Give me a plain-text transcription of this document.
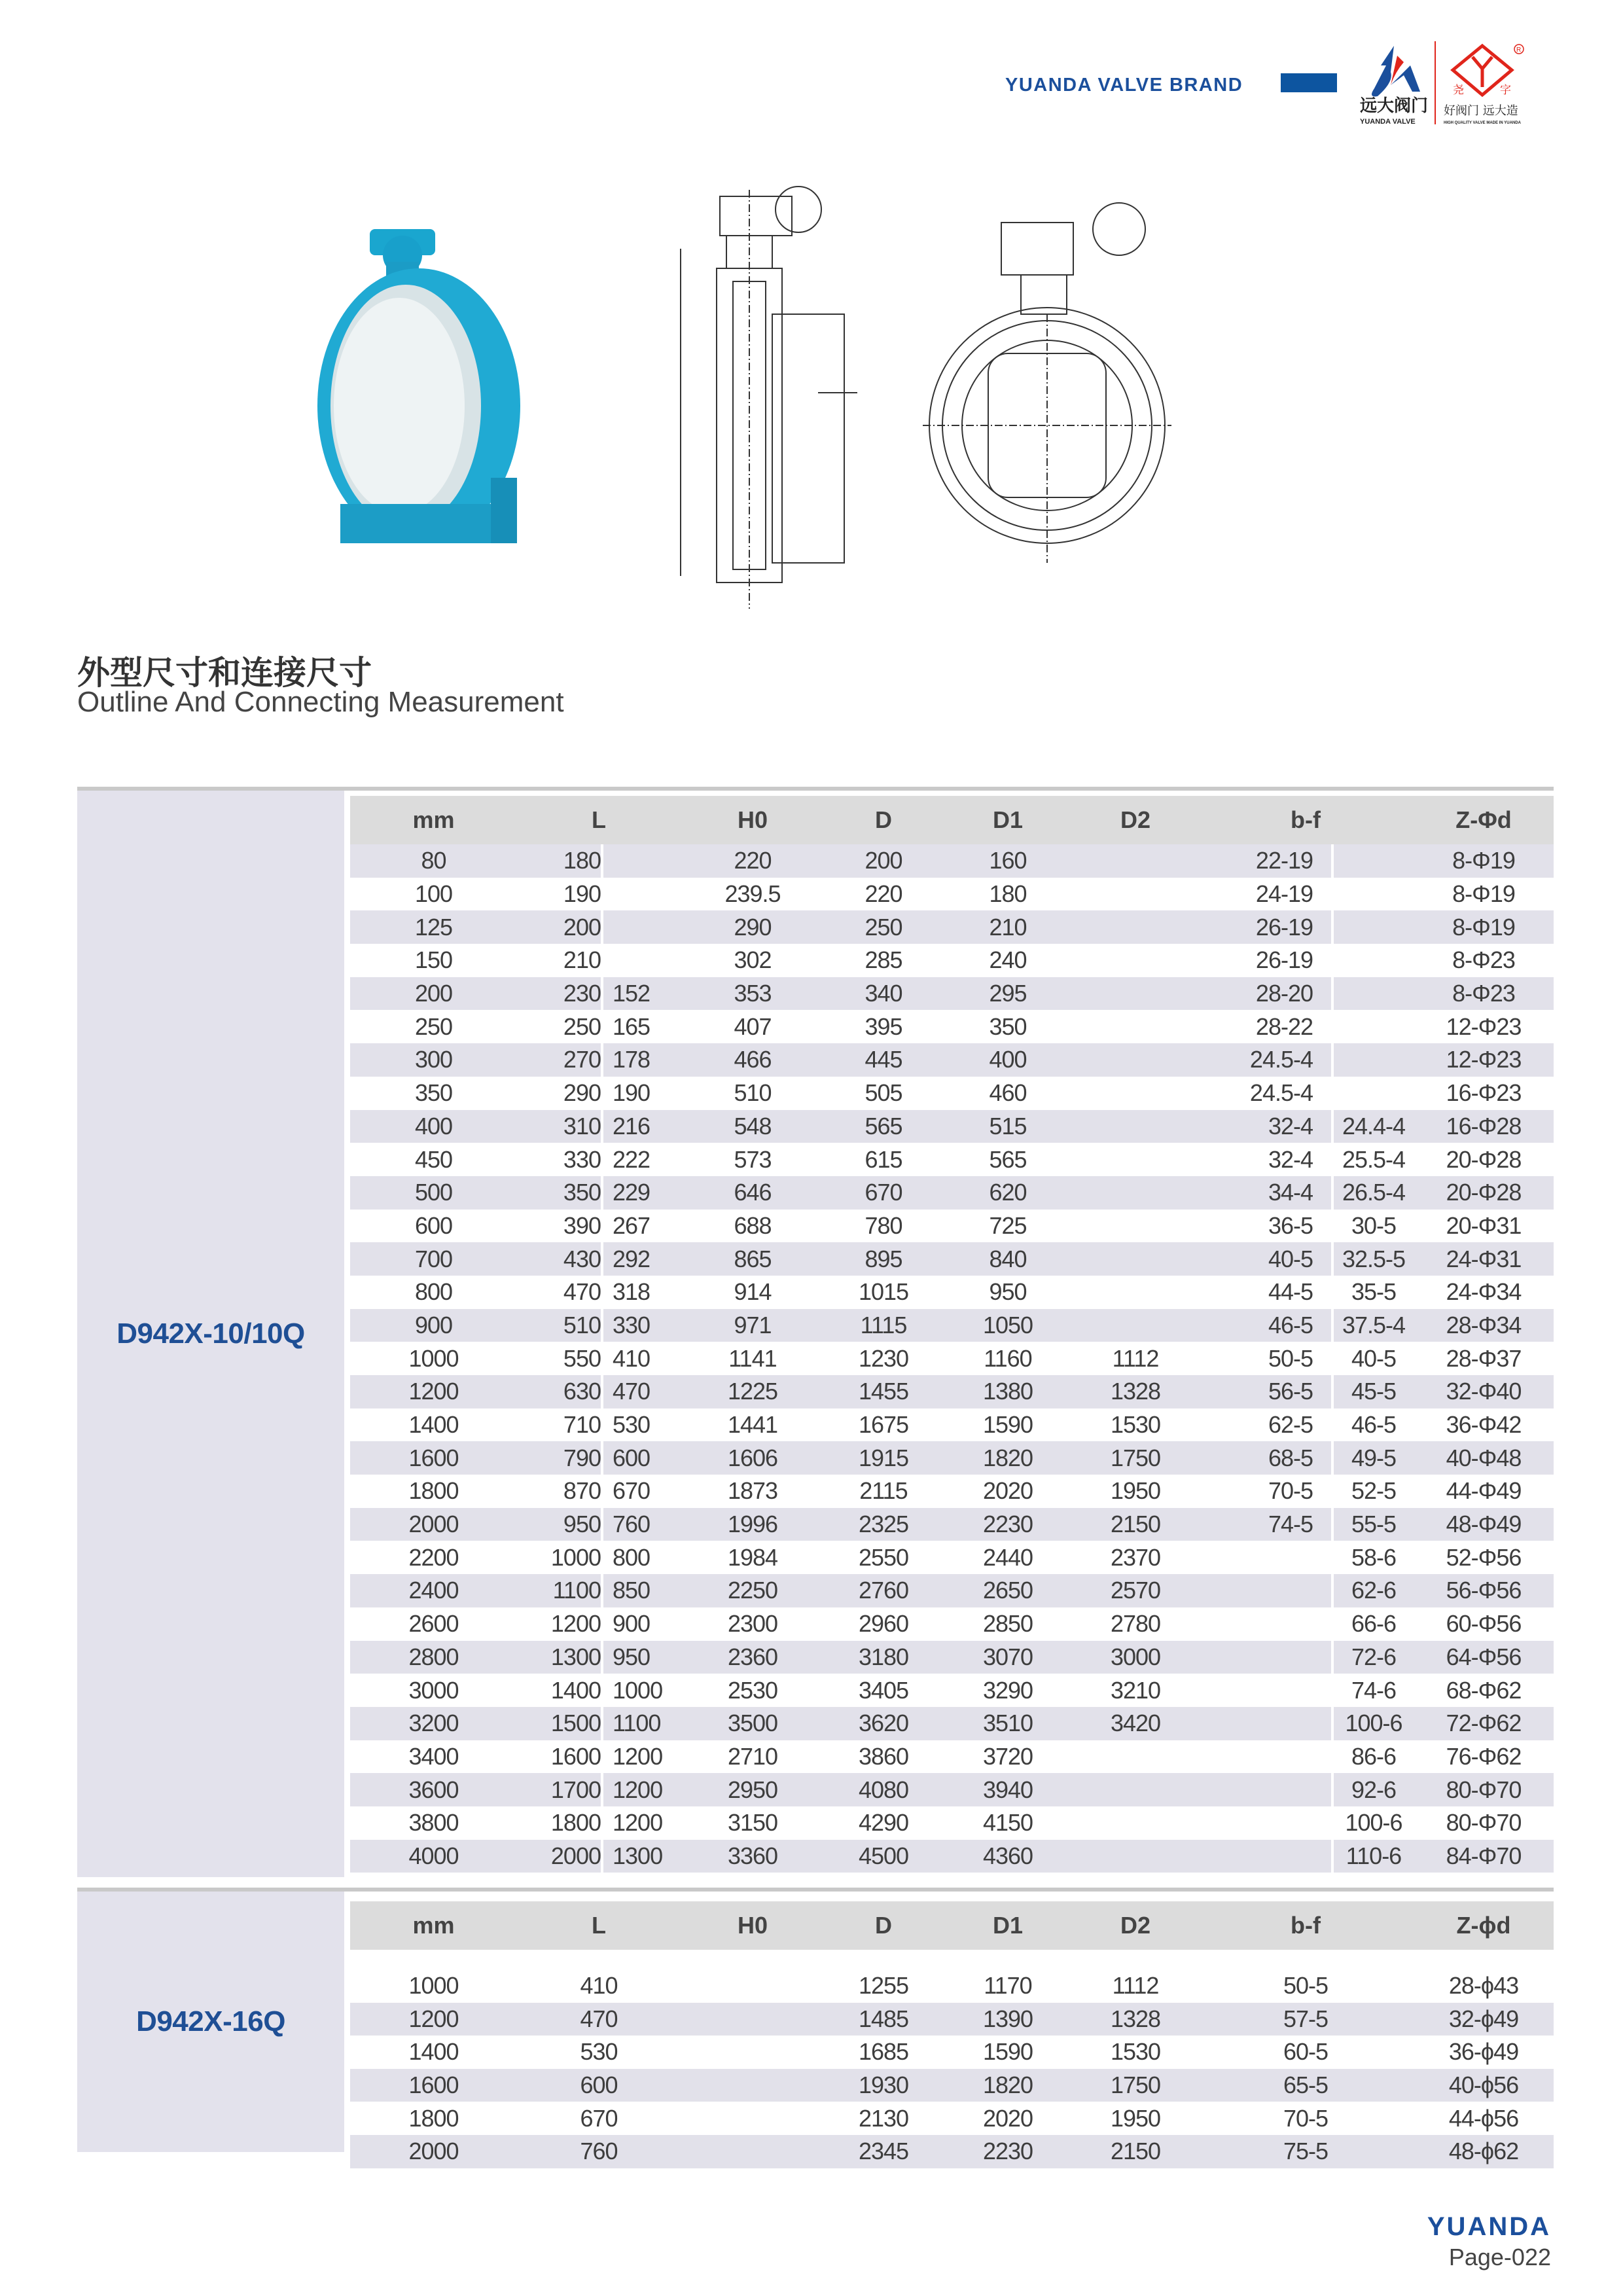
YUANDA VALVE BRAND
远大阀门
YUANDA VALVE
尧	字
R
好阀门 远大造
HIGH QUALITY VALVE MADE IN YUANDA
外型尺寸和连接尺寸
Outline And Connecting Measurement
D942X-10/10Q
mm	L		H0	D	D1	D2	b-f		Z-Φd
80	180		220	200	160		22-19		8-Φ19
100	190		239.5	220	180		24-19		8-Φ19
125	200		290	250	210		26-19		8-Φ19
150	210		302	285	240		26-19		8-Φ23
200	230	152	353	340	295		28-20		8-Φ23
250	250	165	407	395	350		28-22		12-Φ23
300	270	178	466	445	400		24.5-4		12-Φ23
350	290	190	510	505	460		24.5-4		16-Φ23
400	310	216	548	565	515		32-4	24.4-4	16-Φ28
450	330	222	573	615	565		32-4	25.5-4	20-Φ28
500	350	229	646	670	620		34-4	26.5-4	20-Φ28
600	390	267	688	780	725		36-5	30-5	20-Φ31
700	430	292	865	895	840		40-5	32.5-5	24-Φ31
800	470	318	914	1015	950		44-5	35-5	24-Φ34
900	510	330	971	1115	1050		46-5	37.5-4	28-Φ34
1000	550	410	1141	1230	1160	1112	50-5	40-5	28-Φ37
1200	630	470	1225	1455	1380	1328	56-5	45-5	32-Φ40
1400	710	530	1441	1675	1590	1530	62-5	46-5	36-Φ42
1600	790	600	1606	1915	1820	1750	68-5	49-5	40-Φ48
1800	870	670	1873	2115	2020	1950	70-5	52-5	44-Φ49
2000	950	760	1996	2325	2230	2150	74-5	55-5	48-Φ49
2200	1000	800	1984	2550	2440	2370		58-6	52-Φ56
2400	1100	850	2250	2760	2650	2570		62-6	56-Φ56
2600	1200	900	2300	2960	2850	2780		66-6	60-Φ56
2800	1300	950	2360	3180	3070	3000		72-6	64-Φ56
3000	1400	1000	2530	3405	3290	3210		74-6	68-Φ62
3200	1500	1100	3500	3620	3510	3420		100-6	72-Φ62
3400	1600	1200	2710	3860	3720			86-6	76-Φ62
3600	1700	1200	2950	4080	3940			92-6	80-Φ70
3800	1800	1200	3150	4290	4150			100-6	80-Φ70
4000	2000	1300	3360	4500	4360			110-6	84-Φ70
D942X-16Q
mm	L	H0	D	D1	D2	b-f	Z-ϕd

1000	410		1255	1170	1112	50-5	28-ϕ43
1200	470		1485	1390	1328	57-5	32-ϕ49
1400	530		1685	1590	1530	60-5	36-ϕ49
1600	600		1930	1820	1750	65-5	40-ϕ56
1800	670		2130	2020	1950	70-5	44-ϕ56
2000	760		2345	2230	2150	75-5	48-ϕ62
YUANDA
Page-022
